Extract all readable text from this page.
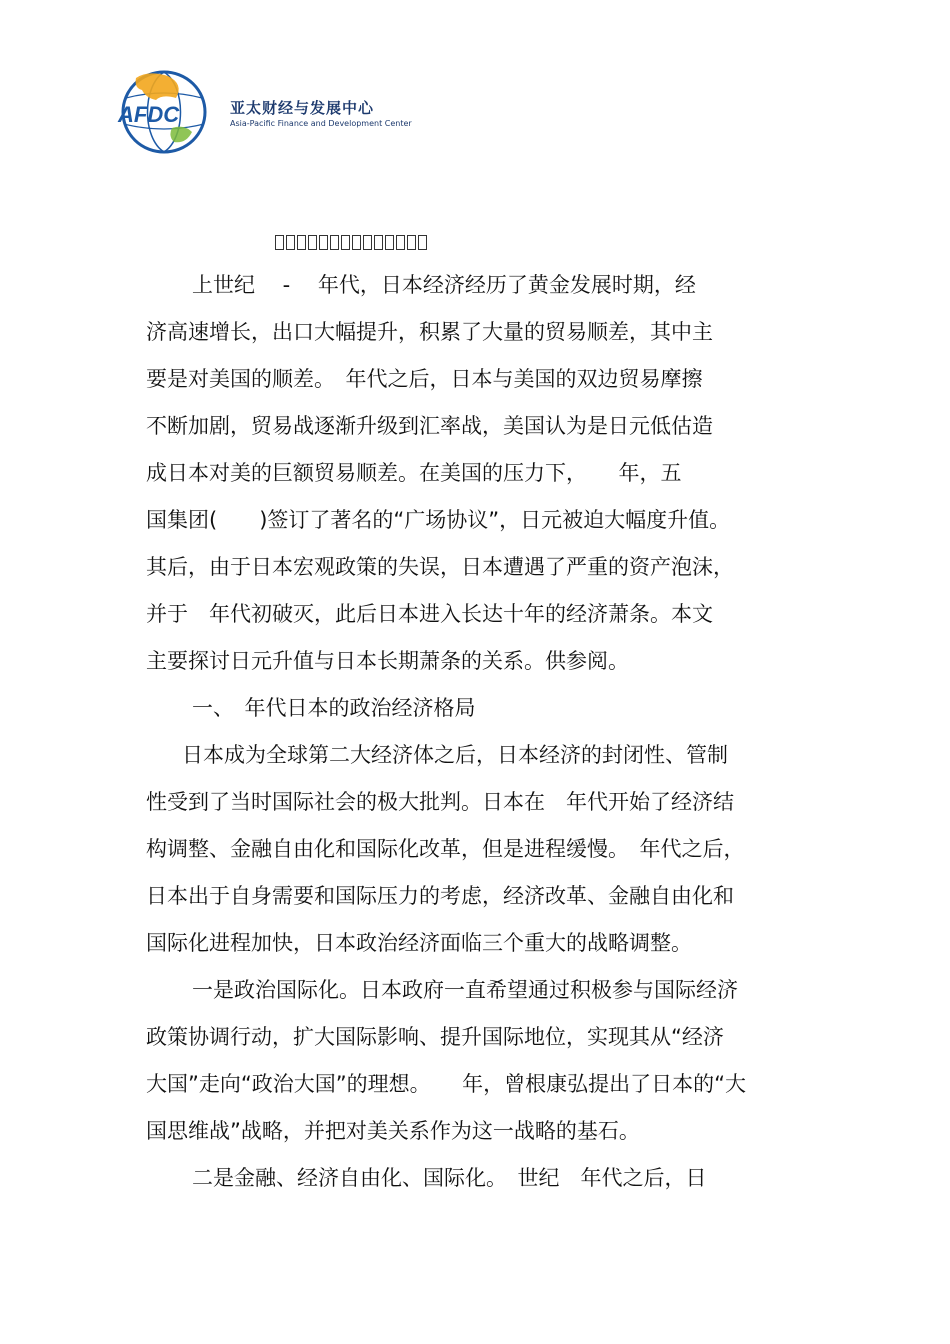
AFDC	亚太财经与发展中心
Asia-Pacific Finance and Development Center

上世纪　 -　 年代，日本经济经历了黄金发展时期，经

济高速增长，出口大幅提升，积累了大量的贸易顺差，其中主

要是对美国的顺差。　年代之后，日本与美国的双边贸易摩擦

不断加剧，贸易战逐渐升级到汇率战，美国认为是日元低估造

成日本对美的巨额贸易顺差。在美国的压力下，　　年，五

国集团(　　)签订了著名的“广场协议”，日元被迫大幅度升值。

其后，由于日本宏观政策的失误，日本遭遇了严重的资产泡沫，

并于　年代初破灭，此后日本进入长达十年的经济萧条。本文

主要探讨日元升值与日本长期萧条的关系。供参阅。

一、　年代日本的政治经济格局

日本成为全球第二大经济体之后，日本经济的封闭性、管制

性受到了当时国际社会的极大批判。日本在　年代开始了经济结

构调整、金融自由化和国际化改革，但是进程缓慢。　年代之后，

日本出于自身需要和国际压力的考虑，经济改革、金融自由化和

国际化进程加快，日本政治经济面临三个重大的战略调整。

一是政治国际化。日本政府一直希望通过积极参与国际经济

政策协调行动，扩大国际影响、提升国际地位，实现其从“经济

大国”走向“政治大国”的理想。　　年，曾根康弘提出了日本的“大

国思维战”战略，并把对美关系作为这一战略的基石。

二是金融、经济自由化、国际化。　世纪　年代之后，日
